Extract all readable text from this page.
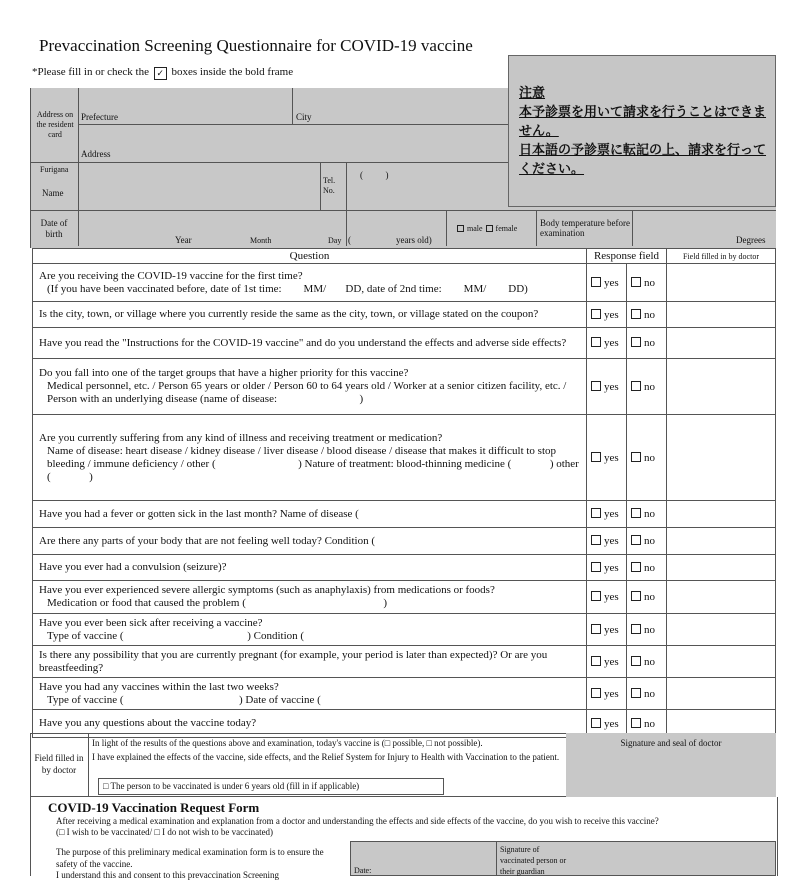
Prevaccination Screening Questionnaire for COVID-19 vaccine
*Please fill in or check the ✓ boxes inside the bold frame
Address on the resident card
Prefecture	City
Address
Furigana
Name
Tel. No.
(          )
Date of birth
Year	Month	Day (                    years old)
male female
Body temperature before examination
Degrees
注意
本予診票を用いて請求を行うことはできません。
日本語の予診票に転記の上、請求を行ってください。
Question	Response field		Field filled in by doctor

Are you receiving the COVID-19 vaccine for the first time?
(If you have been vaccinated before, date of 1st time:        MM/       DD, date of 2nd time:        MM/        DD)	yes	no	

Is the city, town, or village where you currently reside the same as the city, town, or village stated on the coupon?	yes	no	

Have you read the "Instructions for the COVID-19 vaccine" and do you understand the effects and adverse side effects?	yes	no	

Do you fall into one of the target groups that have a higher priority for this vaccine?
Medical personnel, etc. / Person 65 years or older / Person 60 to 64 years old / Worker at a senior citizen facility, etc. / Person with an underlying disease (name of disease:                              )	yes	no	

Are you currently suffering from any kind of illness and receiving treatment or medication?
Name of disease: heart disease / kidney disease / liver disease / blood disease / disease that makes it difficult to stop bleeding / immune deficiency / other (                              ) Nature of treatment: blood-thinning medicine (              ) other (              )	yes	no	

Have you had a fever or gotten sick in the last month? Name of disease (	yes	no	

Are there any parts of your body that are not feeling well today? Condition (	yes	no	

Have you ever had a convulsion (seizure)?	yes	no	

Have you ever experienced severe allergic symptoms (such as anaphylaxis) from medications or foods?
Medication or food that caused the problem (                                                  )	yes	no	

Have you ever been sick after receiving a vaccine?
Type of vaccine (                                             ) Condition (	yes	no	

Is there any possibility that you are currently pregnant (for example, your period is later than expected)? Or are you breastfeeding?	yes	no	

Have you had any vaccines within the last two weeks?
Type of vaccine (                                          ) Date of vaccine (	yes	no	

Have you any questions about the vaccine today?	yes	no	
Signature and seal of doctor
Field filled in by doctor
In light of the results of the questions above and examination, today's vaccine is (□ possible, □ not possible).
I have explained the effects of the vaccine, side effects, and the Relief System for Injury to Health with Vaccination to the patient.
□ The person to be vaccinated is under 6 years old (fill in if applicable)
COVID-19 Vaccination Request Form
After receiving a medical examination and explanation from a doctor and understanding the effects and side effects of the vaccine, do you wish to receive this vaccine?
(□ I wish to be vaccinated/ □ I do not wish to be vaccinated)
The purpose of this preliminary medical examination form is to ensure the safety of the vaccine.
I understand this and consent to this prevaccination Screening	Date:
Signature of vaccinated person or their guardian
